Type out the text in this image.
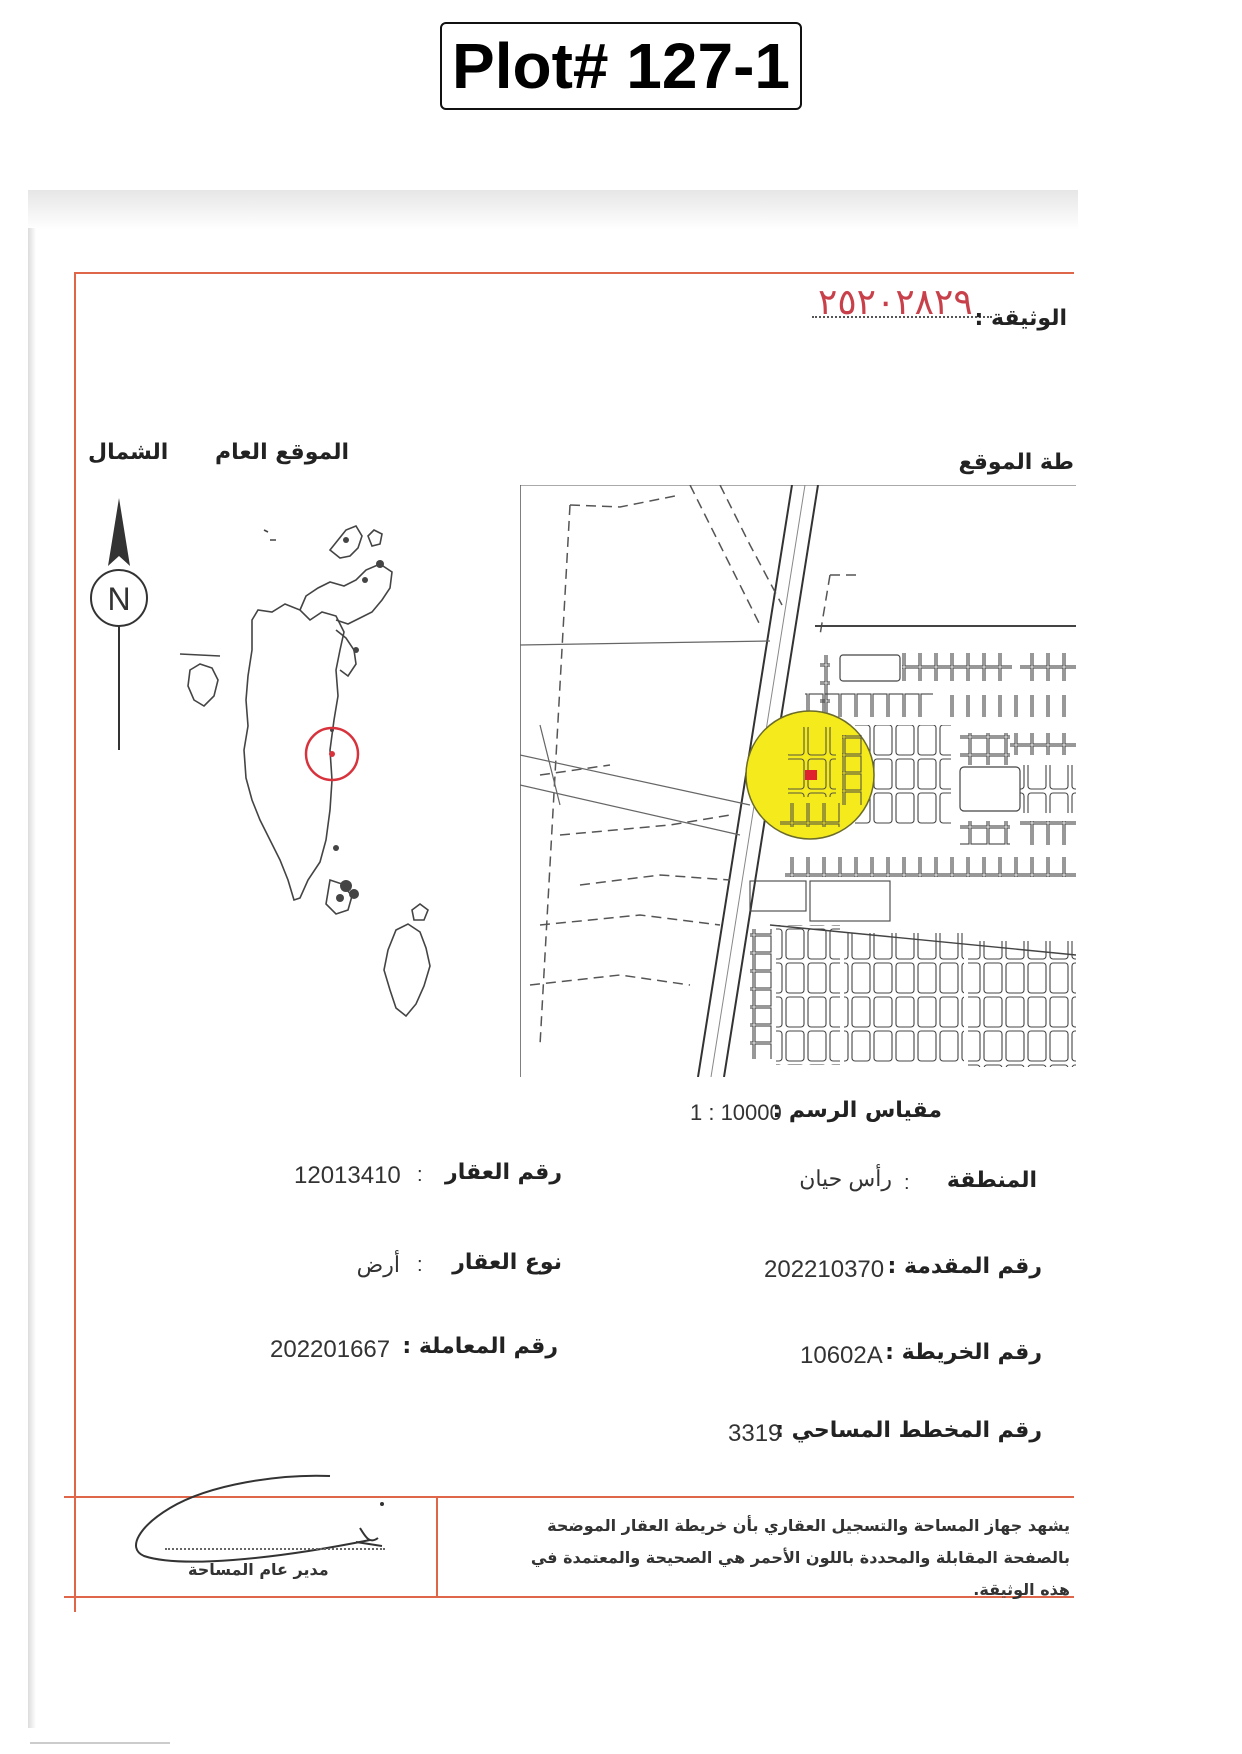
Plot# 127-1
٢٥٢٠٢٨٢٩ الوثيقة :
الشمال الموقع العام	طة الموقع
N
مقياس الرسم :
1 : 10000
المنطقة
:
رأس حيان
رقم المقدمة :
202210370
رقم الخريطة :
10602A
رقم المخطط المساحي :
3319
رقم العقار
:
12013410
نوع العقار
:
أرض
رقم المعاملة :
202201667
يشهد جهاز المساحة والتسجيل العقاري بأن خريطة العقار الموضحة بالصفحة المقابلة والمحددة باللون الأحمر هي الصحيحة والمعتمدة في هذه الوثيقة.
مدير عام المساحة
